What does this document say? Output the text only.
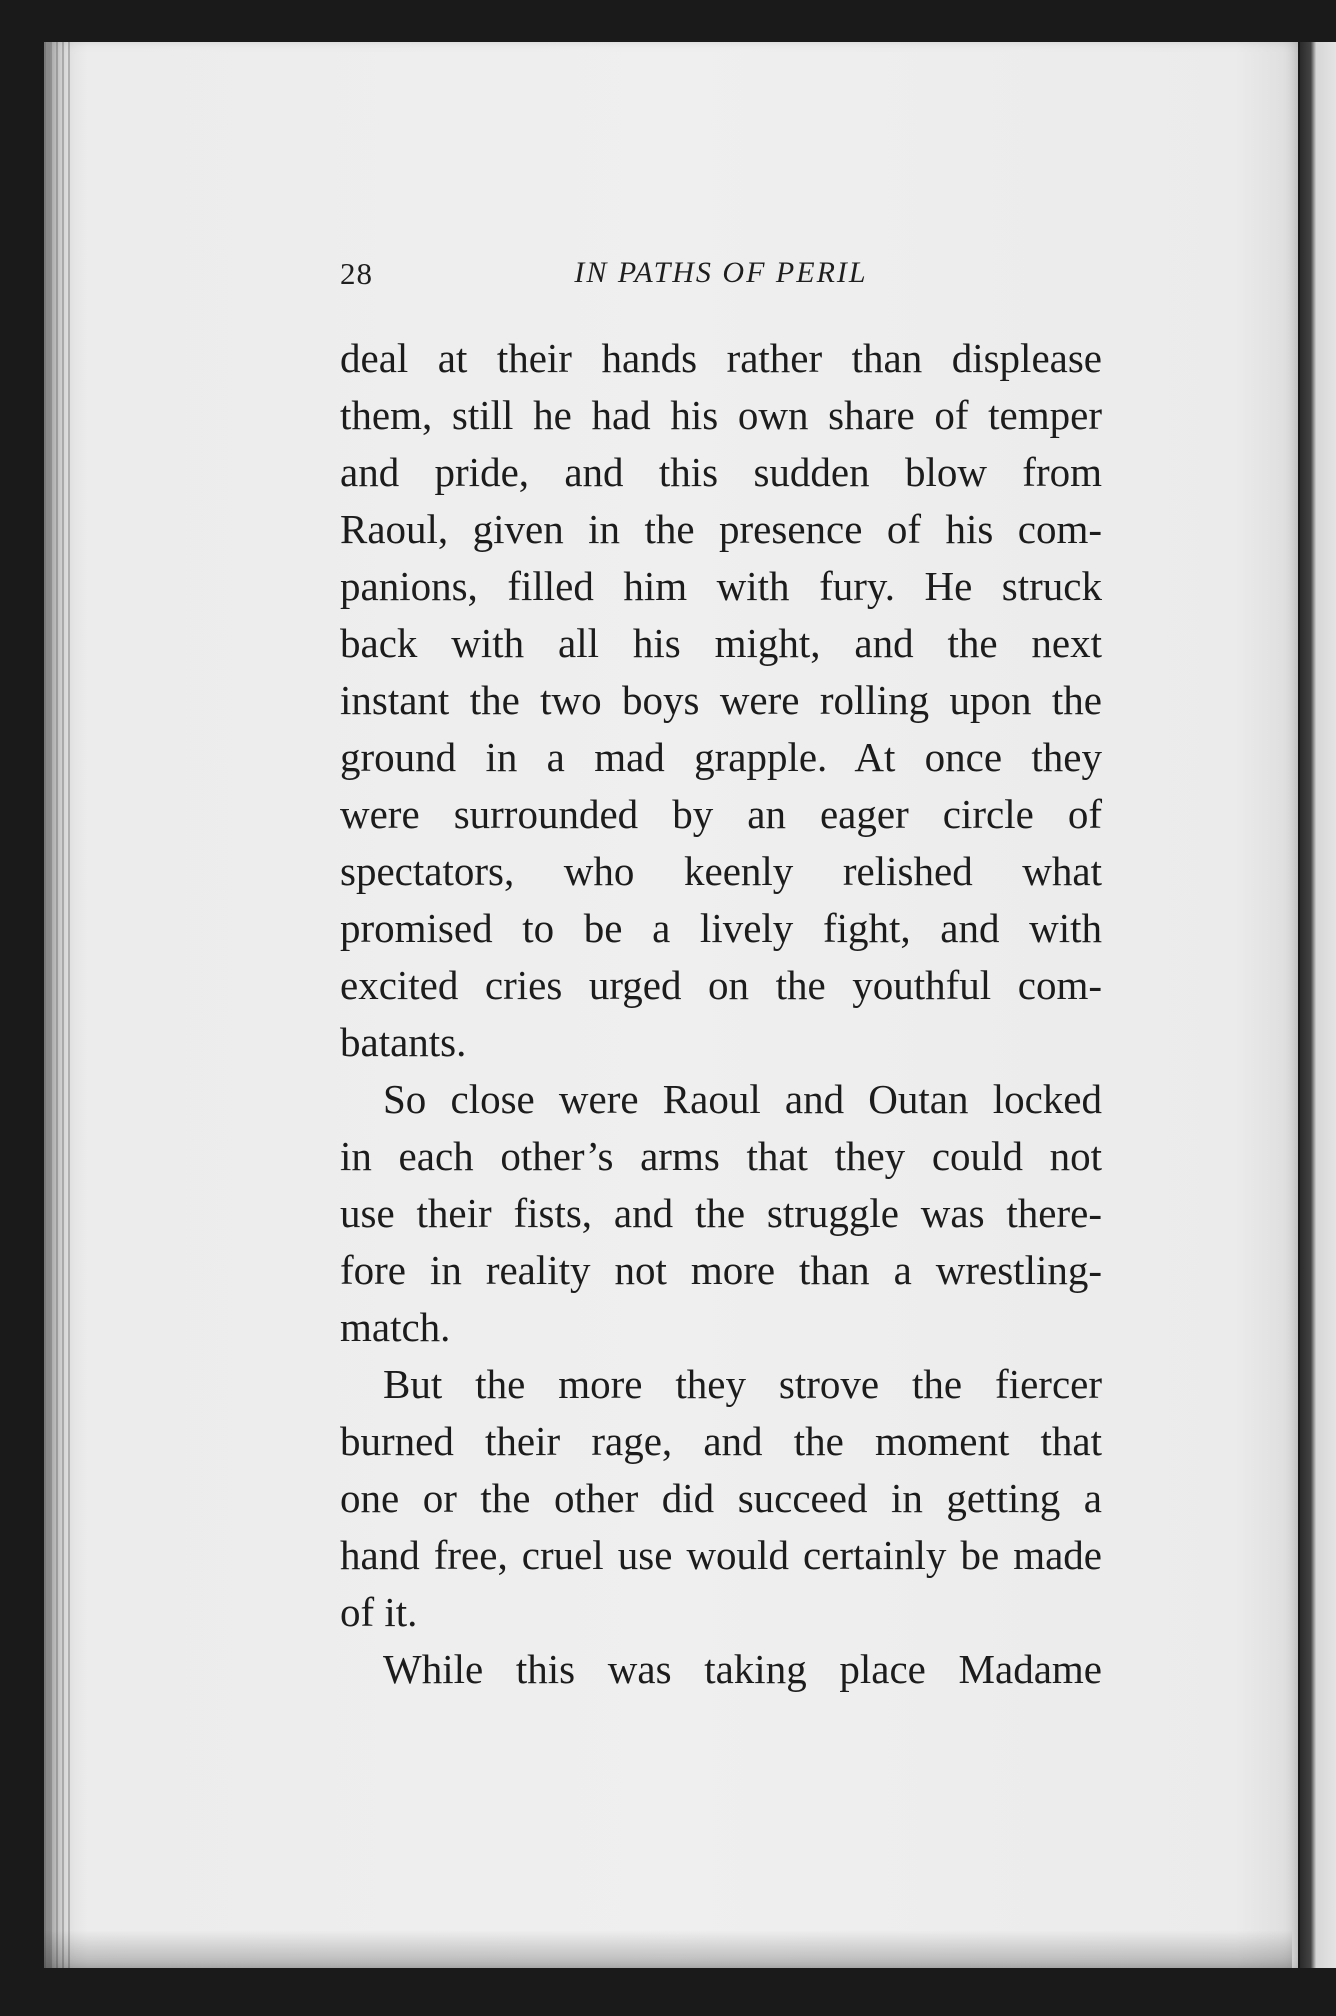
28	IN PATHS OF PERIL
deal at their hands rather than displease
them, still he had his own share of temper
and pride, and this sudden blow from
Raoul, given in the presence of his com-
panions, filled him with fury. He struck
back with all his might, and the next
instant the two boys were rolling upon the
ground in a mad grapple. At once they
were surrounded by an eager circle of
spectators, who keenly relished what
promised to be a lively fight, and with
excited cries urged on the youthful com-
batants.
So close were Raoul and Outan locked
in each other’s arms that they could not
use their fists, and the struggle was there-
fore in reality not more than a wrestling-
match.
But the more they strove the fiercer
burned their rage, and the moment that
one or the other did succeed in getting a
hand free, cruel use would certainly be made
of it.
While this was taking place Madame
